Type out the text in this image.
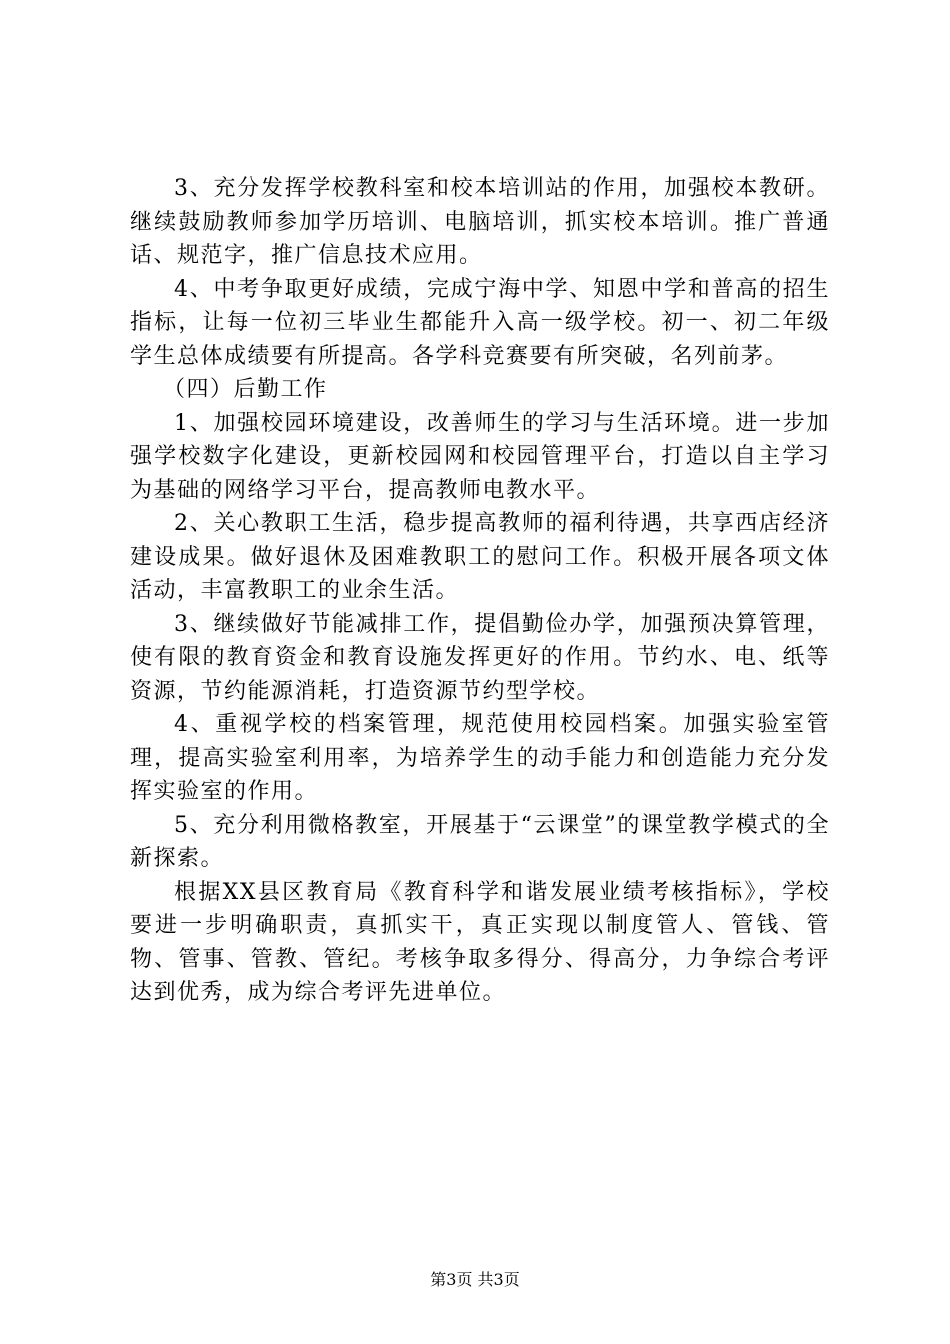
3、充分发挥学校教科室和校本培训站的作用，加强校本教研。继续鼓励教师参加学历培训、电脑培训，抓实校本培训。推广普通话、规范字，推广信息技术应用。

4、中考争取更好成绩，完成宁海中学、知恩中学和普高的招生指标，让每一位初三毕业生都能升入高一级学校。初一、初二年级学生总体成绩要有所提高。各学科竞赛要有所突破，名列前茅。

（四）后勤工作

1、加强校园环境建设，改善师生的学习与生活环境。进一步加强学校数字化建设，更新校园网和校园管理平台，打造以自主学习为基础的网络学习平台，提高教师电教水平。

2、关心教职工生活，稳步提高教师的福利待遇，共享西店经济建设成果。做好退休及困难教职工的慰问工作。积极开展各项文体活动，丰富教职工的业余生活。

3、继续做好节能减排工作，提倡勤俭办学，加强预决算管理，使有限的教育资金和教育设施发挥更好的作用。节约水、电、纸等资源，节约能源消耗，打造资源节约型学校。

4、重视学校的档案管理，规范使用校园档案。加强实验室管理，提高实验室利用率，为培养学生的动手能力和创造能力充分发挥实验室的作用。

5、充分利用微格教室，开展基于“云课堂”的课堂教学模式的全新探索。

根据XX县区教育局《教育科学和谐发展业绩考核指标》，学校要进一步明确职责，真抓实干，真正实现以制度管人、管钱、管物、管事、管教、管纪。考核争取多得分、得高分，力争综合考评达到优秀，成为综合考评先进单位。

第3页 共3页
